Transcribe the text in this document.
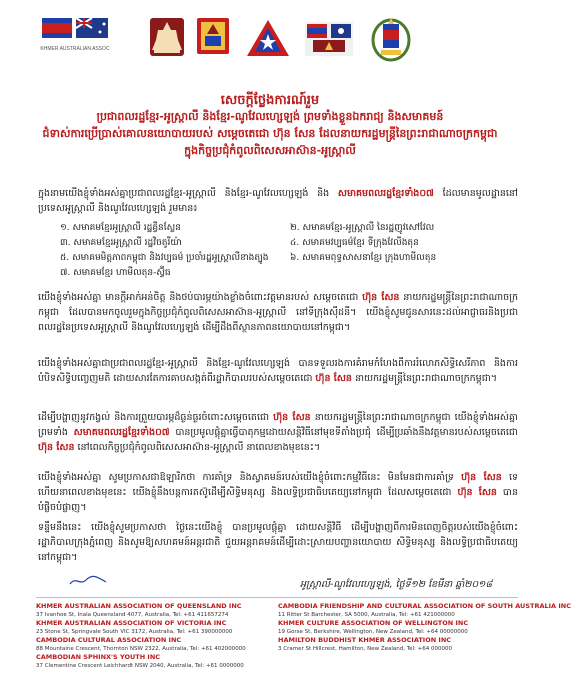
KHMER AUSTRALIAN ASSOC
សេចក្តីថ្លែងការណ៍រួម
ប្រជាពលរដ្ឋខ្មែរ-អូស្ត្រាលី និងខ្មែរ-ណូវែលហ្សេឡង់ ព្រមទាំងខ្លួនឯករាជ្យ និងសមាគមន៍
ជំទាស់ការប្រើប្រាស់គោលនយោបាយរបស់ សម្តេចតេជោ ហ៊ុន សែន ដែលនាយករដ្ឋមន្ត្រីនៃព្រះរាជាណាចក្រកម្ពុជា
ក្នុងកិច្ចប្រជុំកំពូលពិសេសអាស៊ាន-អូស្ត្រាលី
ក្នុងនាមយើងខ្ញុំទាំងអស់គ្នាប្រជាពលរដ្ឋខ្មែរ-អូស្ត្រាលី និងខ្មែរ-ណូវែលហ្សេឡង់ និង សមាគមពលរដ្ឋខ្មែរទាំង០៧ ដែលមានមូលដ្ឋាននៅប្រទេសអូស្ត្រាលី និងណូវែលហ្សេឡង់ រួមមាន៖
១. សមាគមខ្មែរអូស្ត្រាលី រដ្ឋគ្វីនស្លែន	២. សមាគមខ្មែរ-អូស្ត្រាលី នៃរដ្ឋញូវសៅវែល
៣. សមាគមខ្មែរអូស្ត្រាលី រដ្ឋវិចតូរីយ៉ា	៤. សមាគមវប្បធម៌ខ្មែរ ទីក្រុងវែលីងតុន
៥. សមាគមមិត្តភាពកម្ពុជា និងវប្បធម៌ ប្រចាំរដ្ឋអូស្ត្រាលីខាងត្បូង	៦. សមាគមពុទ្ធសាសនាខ្មែរ ក្រុងហាមីលតុន
៧. សមាគមខ្មែរ ហាមីលតុន-ស្វ៊ីធ
យើងខ្ញុំទាំងអស់គ្នា មានក្តីអាក់អន់ចិត្ត និងថប់បារម្ភយ៉ាងខ្លាំងចំពោះវត្តមានរបស់ សម្តេចតេជោ ហ៊ុន សែន នាយករដ្ឋមន្ត្រីនៃព្រះរាជាណាចក្រកម្ពុជា ដែលបានមកចូលរួមក្នុងកិច្ចប្រជុំកំពូលពិសេសអាស៊ាន-អូស្ត្រាលី នៅទីក្រុងស៊ីដនី។ យើងខ្ញុំសូមជូនសារនេះដល់អាជ្ញាធរនិងប្រជាពលរដ្ឋនៃប្រទេសអូស្ត្រាលី និងណូវែលហ្សេឡង់ ដើម្បីដឹងពីស្ថានភាពនយោបាយនៅកម្ពុជា។
យើងខ្ញុំទាំងអស់គ្នាជាប្រជាពលរដ្ឋខ្មែរ-អូស្ត្រាលី និងខ្មែរ-ណូវែលហ្សេឡង់ បានទទួលរងការគំរាមកំហែងពីការរំលោភសិទ្ធិសេរីភាព និងការបំបិទសិទ្ធិបញ្ចេញមតិ ដោយសារតែការគាបសង្កត់ពីរដ្ឋាភិបាលរបស់សម្តេចតេជោ ហ៊ុន សែន នាយករដ្ឋមន្ត្រីនៃព្រះរាជាណាចក្រកម្ពុជា។
ដើម្បីបង្ហាញនូវកង្វល់ និងការព្រួយបារម្ភដ៏ធ្ងន់ធ្ងរចំពោះសម្តេចតេជោ ហ៊ុន សែន នាយករដ្ឋមន្ត្រីនៃព្រះរាជាណាចក្រកម្ពុជា យើងខ្ញុំទាំងអស់គ្នា ព្រមទាំង សមាគមពលរដ្ឋខ្មែរទាំង០៧ បានប្រមូលផ្តុំគ្នាធ្វើបាតុកម្មដោយសន្តិវិធីនៅមុខទីតាំងប្រជុំ ដើម្បីប្រឆាំងនឹងវត្តមានរបស់សម្តេចតេជោ ហ៊ុន សែន នៅពេលកិច្ចប្រជុំកំពូលពិសេសអាស៊ាន-អូស្ត្រាលី នាពេលខាងមុខនេះ។
យើងខ្ញុំទាំងអស់គ្នា សូមប្រកាសជាឱឡារិកថា ការគាំទ្រ និងស្វាគមន៍របស់យើងខ្ញុំចំពោះកម្មវិធីនេះ មិនមែនជាការគាំទ្រ ហ៊ុន សែន ទេ ហើយនាពេលខាងមុខនេះ យើងខ្ញុំនឹងបន្តការតស៊ូដើម្បីសិទ្ធិមនុស្ស និងលទ្ធិប្រជាធិបតេយ្យនៅកម្ពុជា ដែលសម្តេចតេជោ ហ៊ុន សែន បានបំផ្លិចបំផ្លាញ។
ទន្ទឹមនឹងនេះ យើងខ្ញុំសូមប្រកាសថា ថ្ងៃនេះយើងខ្ញុំ បានប្រមូលផ្តុំគ្នា ដោយសន្តិវិធី ដើម្បីបង្ហាញពីការមិនពេញចិត្តរបស់យើងខ្ញុំចំពោះរដ្ឋាភិបាលក្រុងភ្នំពេញ និងសូមឱ្យសហគមន៍អន្តរជាតិ ជួយអន្តរាគមន៍ដើម្បីដោះស្រាយបញ្ហានយោបាយ សិទ្ធិមនុស្ស និងលទ្ធិប្រជាធិបតេយ្យនៅកម្ពុជា។
អូស្ត្រាលី-ណូវែលហ្សេឡង់, ថ្ងៃទី១២ ខែមីនា ឆ្នាំ២០១៨
KHMER AUSTRALIAN ASSOCIATION OF QUEENSLAND INC
37 Ivanhoe St, Inala Queensland 4077, Australia, Tel: +61 411657274
KHMER AUSTRALIAN ASSOCIATION OF VICTORIA INC
23 Stone St, Springvale South VIC 3172, Australia, Tel: +61 390000000
CAMBODIA CULTURAL ASSOCIATION INC
88 Mountaine Crescent, Thornton NSW 2322, Australia, Tel: +61 402000000
CAMBODIAN SPHINX'S YOUTH INC
37 Clementine Crescent Leichhardt NSW 2040, Australia, Tel: +61 0000000
CAMBODIA FRIENDSHIP AND CULTURAL ASSOCIATION OF SOUTH AUSTRALIA INC
11 Ritter St Barchester, SA 5000, Australia, Tel: +61 421000000
KHMER CULTURE ASSOCIATION OF WELLINGTON INC
19 Gorse St, Berkshire, Wellington, New Zealand, Tel: +64 00000000
HAMILTON BUDDHIST KHMER ASSOCIATION INC
3 Cramer St Hillcrest, Hamilton, New Zealand, Tel: +64 000000
